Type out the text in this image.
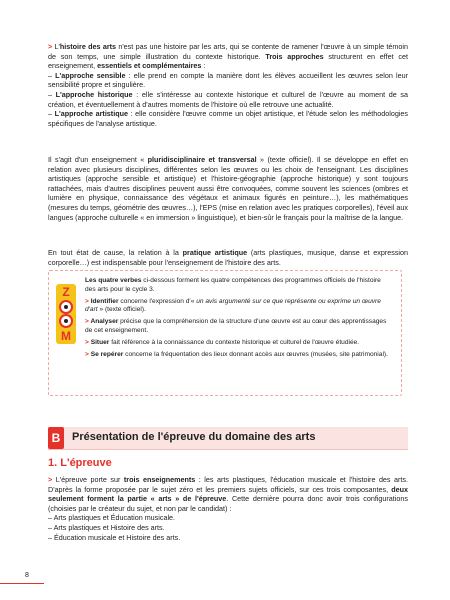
> L'histoire des arts n'est pas une histoire par les arts, qui se contente de ramener l'œuvre à un simple témoin de son temps, une simple illustration du contexte historique. Trois approches structurent en effet cet enseignement, essentiels et complémentaires :

– L'approche sensible : elle prend en compte la manière dont les élèves accueillent les œuvres selon leur sensibilité propre et singulière.

– L'approche historique : elle s'intéresse au contexte historique et culturel de l'œuvre au moment de sa création, et éventuellement à d'autres moments de l'histoire où elle retrouve une actualité.

– L'approche artistique : elle considère l'œuvre comme un objet artistique, et l'étude selon les méthodologies spécifiques de l'analyse artistique.

Il s'agit d'un enseignement « pluridisciplinaire et transversal » (texte officiel). Il se développe en effet en relation avec plusieurs disciplines, différentes selon les œuvres ou les choix de l'enseignant. Les disciplines artistiques (approche sensible et artistique) et l'histoire-géographie (approche historique) y sont toujours rattachées, mais d'autres disciplines peuvent aussi être convoquées, comme souvent les sciences (ombres et lumière en physique, connaissance des végétaux et animaux figurés en peinture…), les mathématiques (mesures du temps, géométrie des œuvres…), l'EPS (mise en relation avec les pratiques corporelles), l'éveil aux langues (approche culturelle « en immersion » linguistique), et bien-sûr le français pour la maîtrise de la langue.

En tout état de cause, la relation à la pratique artistique (arts plastiques, musique, danse et expression corporelle…) est indispensable pour l'enseignement de l'histoire des arts.

Z
M

Les quatre verbes ci-dessous forment les quatre compétences des programmes officiels de l'histoire des arts pour le cycle 3.

> Identifier concerne l'expression d'« un avis argumenté sur ce que représente ou exprime un œuvre d'art » (texte officiel).

> Analyser précise que la compréhension de la structure d'une œuvre est au cœur des apprentissages de cet enseignement.

> Situer fait référence à la connaissance du contexte historique et culturel de l'œuvre étudiée.

> Se repérer concerne la fréquentation des lieux donnant accès aux œuvres (musées, site patrimonial).

B	Présentation de l'épreuve du domaine des arts
1. L'épreuve

> L'épreuve porte sur trois enseignements : les arts plastiques, l'éducation musicale et l'histoire des arts. D'après la forme proposée par le sujet zéro et les premiers sujets officiels, sur ces trois composantes, deux seulement forment la partie « arts » de l'épreuve. Cette dernière pourra donc avoir trois configurations (choisies par le créateur du sujet, et non par le candidat) :

– Arts plastiques et Éducation musicale.

– Arts plastiques et Histoire des arts.

– Éducation musicale et Histoire des arts.

8
